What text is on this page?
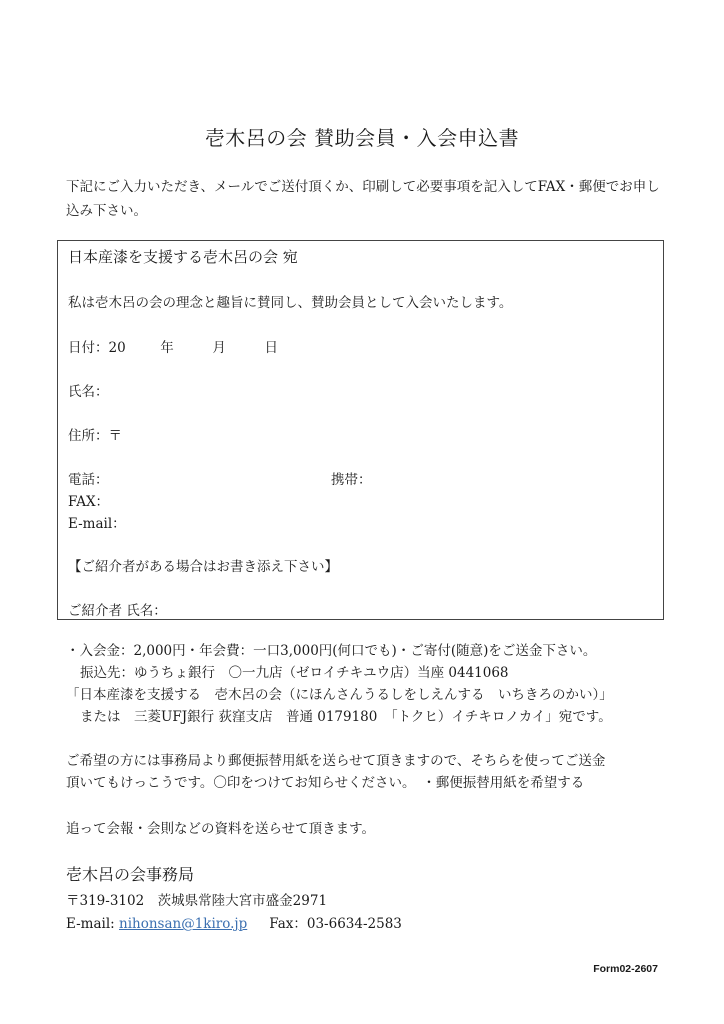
壱木呂の会 賛助会員・入会申込書
下記にご入力いただき、メールでご送付頂くか、印刷して必要事項を記入してFAX・郵便でお申し込み下さい。
日本産漆を支援する壱木呂の会 宛
私は壱木呂の会の理念と趣旨に賛同し、賛助会員として入会いたします。
日付：20	年	月	日
氏名：
住所：〒
電話：	携帯：
FAX：
E-mail：
【ご紹介者がある場合はお書き添え下さい】
ご紹介者 氏名：
・入会金：2,000円・年会費：一口3,000円(何口でも)・ご寄付(随意)をご送金下さい。
振込先：ゆうちょ銀行　〇一九店（ゼロイチキユウ店）当座 0441068
「日本産漆を支援する　壱木呂の会（にほんさんうるしをしえんする　いちきろのかい）」
または　三菱UFJ銀行 荻窪支店　普通 0179180　「トクヒ）イチキロノカイ」宛です。
ご希望の方には事務局より郵便振替用紙を送らせて頂きますので、そちらを使ってご送金
頂いてもけっこうです。〇印をつけてお知らせください。　・郵便振替用紙を希望する
追って会報・会則などの資料を送らせて頂きます。
壱木呂の会事務局
〒319-3102　茨城県常陸大宮市盛金2971
E-mail: nihonsan@1kiro.jp Fax：03-6634-2583
Form02-2607
